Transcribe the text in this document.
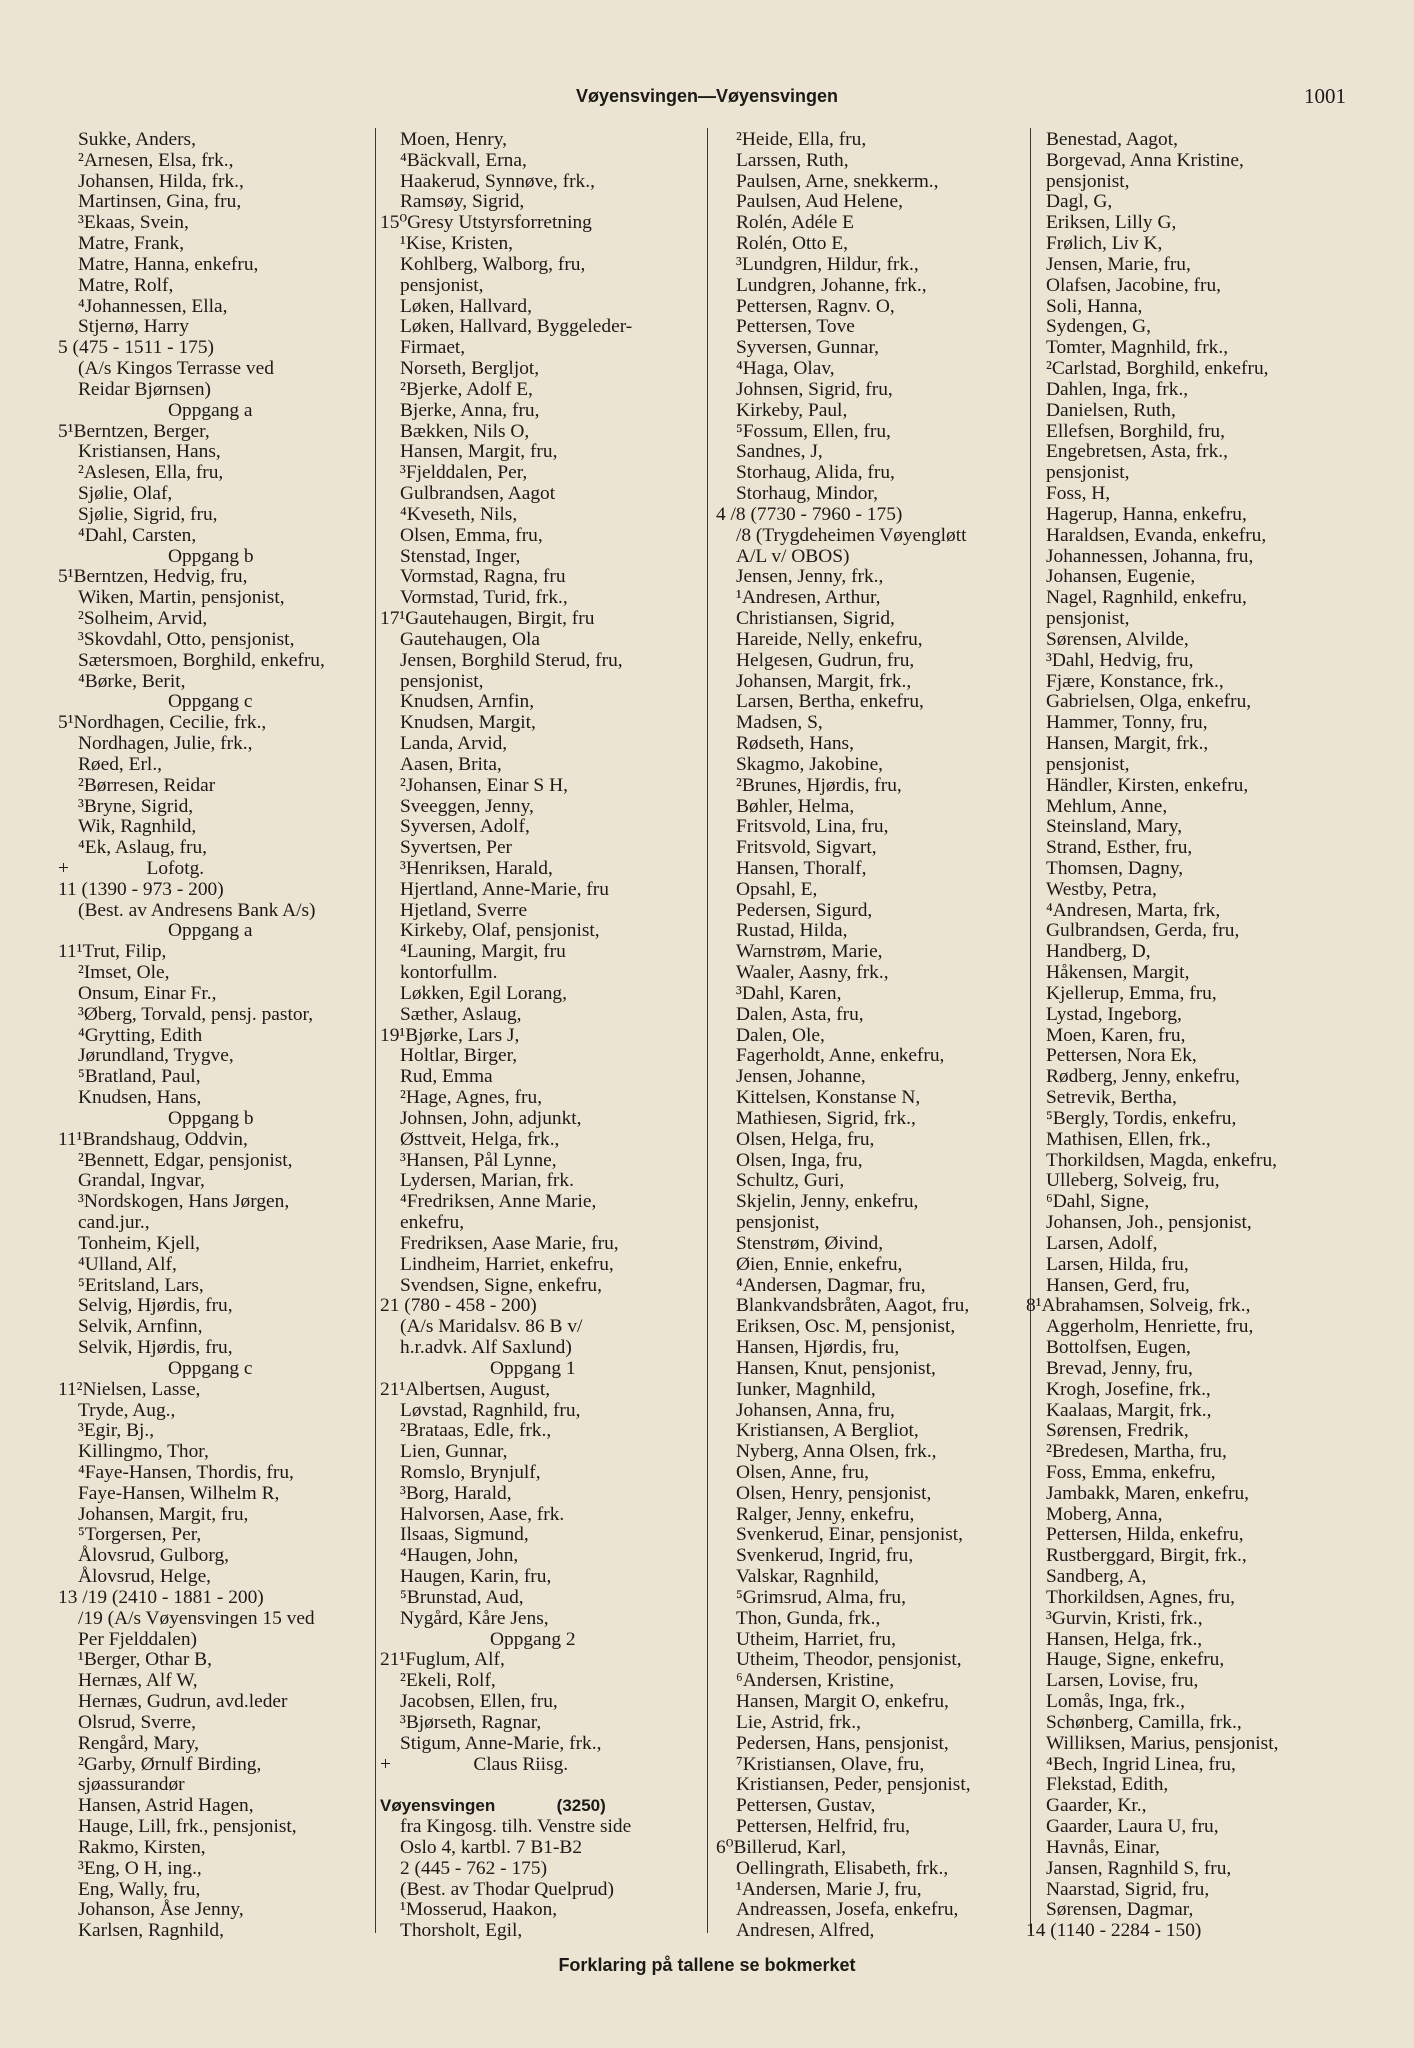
Vøyensvingen—Vøyensvingen	1001
Sukke, Anders,
²Arnesen, Elsa, frk.,
Johansen, Hilda, frk.,
Martinsen, Gina, fru,
³Ekaas, Svein,
Matre, Frank,
Matre, Hanna, enkefru,
Matre, Rolf,
⁴Johannessen, Ella,
Stjernø, Harry
5 (475 - 1511 - 175)
(A/s Kingos Terrasse ved
Reidar Bjørnsen)
Oppgang a
5¹Berntzen, Berger,
Kristiansen, Hans,
²Aslesen, Ella, fru,
Sjølie, Olaf,
Sjølie, Sigrid, fru,
⁴Dahl, Carsten,
Oppgang b
5¹Berntzen, Hedvig, fru,
Wiken, Martin, pensjonist,
²Solheim, Arvid,
³Skovdahl, Otto, pensjonist,
Sætersmoen, Borghild, enkefru,
⁴Børke, Berit,
Oppgang c
5¹Nordhagen, Cecilie, frk.,
Nordhagen, Julie, frk.,
Røed, Erl.,
²Børresen, Reidar
³Bryne, Sigrid,
Wik, Ragnhild,
⁴Ek, Aslaug, fru,
+                Lofotg.
11 (1390 - 973 - 200)
(Best. av Andresens Bank A/s)
Oppgang a
11¹Trut, Filip,
²Imset, Ole,
Onsum, Einar Fr.,
³Øberg, Torvald, pensj. pastor,
⁴Grytting, Edith
Jørundland, Trygve,
⁵Bratland, Paul,
Knudsen, Hans,
Oppgang b
11¹Brandshaug, Oddvin,
²Bennett, Edgar, pensjonist,
Grandal, Ingvar,
³Nordskogen, Hans Jørgen,
cand.jur.,
Tonheim, Kjell,
⁴Ulland, Alf,
⁵Eritsland, Lars,
Selvig, Hjørdis, fru,
Selvik, Arnfinn,
Selvik, Hjørdis, fru,
Oppgang c
11²Nielsen, Lasse,
Tryde, Aug.,
³Egir, Bj.,
Killingmo, Thor,
⁴Faye-Hansen, Thordis, fru,
Faye-Hansen, Wilhelm R,
Johansen, Margit, fru,
⁵Torgersen, Per,
Ålovsrud, Gulborg,
Ålovsrud, Helge,
13 /19 (2410 - 1881 - 200)
/19 (A/s Vøyensvingen 15 ved
Per Fjelddalen)
¹Berger, Othar B,
Hernæs, Alf W,
Hernæs, Gudrun, avd.leder
Olsrud, Sverre,
Rengård, Mary,
²Garby, Ørnulf Birding,
sjøassurandør
Hansen, Astrid Hagen,
Hauge, Lill, frk., pensjonist,
Rakmo, Kirsten,
³Eng, O H, ing.,
Eng, Wally, fru,
Johanson, Åse Jenny,
Karlsen, Ragnhild,
Moen, Henry,
⁴Bäckvall, Erna,
Haakerud, Synnøve, frk.,
Ramsøy, Sigrid,
15⁰Gresy Utstyrsforretning
¹Kise, Kristen,
Kohlberg, Walborg, fru,
pensjonist,
Løken, Hallvard,
Løken, Hallvard, Byggeleder-
Firmaet,
Norseth, Bergljot,
²Bjerke, Adolf E,
Bjerke, Anna, fru,
Bækken, Nils O,
Hansen, Margit, fru,
³Fjelddalen, Per,
Gulbrandsen, Aagot
⁴Kveseth, Nils,
Olsen, Emma, fru,
Stenstad, Inger,
Vormstad, Ragna, fru
Vormstad, Turid, frk.,
17¹Gautehaugen, Birgit, fru
Gautehaugen, Ola
Jensen, Borghild Sterud, fru,
pensjonist,
Knudsen, Arnfin,
Knudsen, Margit,
Landa, Arvid,
Aasen, Brita,
²Johansen, Einar S H,
Sveeggen, Jenny,
Syversen, Adolf,
Syvertsen, Per
³Henriksen, Harald,
Hjertland, Anne-Marie, fru
Hjetland, Sverre
Kirkeby, Olaf, pensjonist,
⁴Launing, Margit, fru
kontorfullm.
Løkken, Egil Lorang,
Sæther, Aslaug,
19¹Bjørke, Lars J,
Holtlar, Birger,
Rud, Emma
²Hage, Agnes, fru,
Johnsen, John, adjunkt,
Østtveit, Helga, frk.,
³Hansen, Pål Lynne,
Lydersen, Marian, frk.
⁴Fredriksen, Anne Marie,
enkefru,
Fredriksen, Aase Marie, fru,
Lindheim, Harriet, enkefru,
Svendsen, Signe, enkefru,
21 (780 - 458 - 200)
(A/s Maridalsv. 86 B v/
h.r.advk. Alf Saxlund)
Oppgang 1
21¹Albertsen, August,
Løvstad, Ragnhild, fru,
²Brataas, Edle, frk.,
Lien, Gunnar,
Romslo, Brynjulf,
³Borg, Harald,
Halvorsen, Aase, frk.
Ilsaas, Sigmund,
⁴Haugen, John,
Haugen, Karin, fru,
⁵Brunstad, Aud,
Nygård, Kåre Jens,
Oppgang 2
21¹Fuglum, Alf,
²Ekeli, Rolf,
Jacobsen, Ellen, fru,
³Bjørseth, Ragnar,
Stigum, Anne-Marie, frk.,
+                 Claus Riisg.
Vøyensvingen             (3250)
fra Kingosg. tilh. Venstre side
Oslo 4, kartbl. 7 B1-B2
2 (445 - 762 - 175)
(Best. av Thodar Quelprud)
¹Mosserud, Haakon,
Thorsholt, Egil,
²Heide, Ella, fru,
Larssen, Ruth,
Paulsen, Arne, snekkerm.,
Paulsen, Aud Helene,
Rolén, Adéle E
Rolén, Otto E,
³Lundgren, Hildur, frk.,
Lundgren, Johanne, frk.,
Pettersen, Ragnv. O,
Pettersen, Tove
Syversen, Gunnar,
⁴Haga, Olav,
Johnsen, Sigrid, fru,
Kirkeby, Paul,
⁵Fossum, Ellen, fru,
Sandnes, J,
Storhaug, Alida, fru,
Storhaug, Mindor,
4 /8 (7730 - 7960 - 175)
/8 (Trygdeheimen Vøyengløtt
A/L v/ OBOS)
Jensen, Jenny, frk.,
¹Andresen, Arthur,
Christiansen, Sigrid,
Hareide, Nelly, enkefru,
Helgesen, Gudrun, fru,
Johansen, Margit, frk.,
Larsen, Bertha, enkefru,
Madsen, S,
Rødseth, Hans,
Skagmo, Jakobine,
²Brunes, Hjørdis, fru,
Bøhler, Helma,
Fritsvold, Lina, fru,
Fritsvold, Sigvart,
Hansen, Thoralf,
Opsahl, E,
Pedersen, Sigurd,
Rustad, Hilda,
Warnstrøm, Marie,
Waaler, Aasny, frk.,
³Dahl, Karen,
Dalen, Asta, fru,
Dalen, Ole,
Fagerholdt, Anne, enkefru,
Jensen, Johanne,
Kittelsen, Konstanse N,
Mathiesen, Sigrid, frk.,
Olsen, Helga, fru,
Olsen, Inga, fru,
Schultz, Guri,
Skjelin, Jenny, enkefru,
pensjonist,
Stenstrøm, Øivind,
Øien, Ennie, enkefru,
⁴Andersen, Dagmar, fru,
Blankvandsbråten, Aagot, fru,
Eriksen, Osc. M, pensjonist,
Hansen, Hjørdis, fru,
Hansen, Knut, pensjonist,
Iunker, Magnhild,
Johansen, Anna, fru,
Kristiansen, A Bergliot,
Nyberg, Anna Olsen, frk.,
Olsen, Anne, fru,
Olsen, Henry, pensjonist,
Ralger, Jenny, enkefru,
Svenkerud, Einar, pensjonist,
Svenkerud, Ingrid, fru,
Valskar, Ragnhild,
⁵Grimsrud, Alma, fru,
Thon, Gunda, frk.,
Utheim, Harriet, fru,
Utheim, Theodor, pensjonist,
⁶Andersen, Kristine,
Hansen, Margit O, enkefru,
Lie, Astrid, frk.,
Pedersen, Hans, pensjonist,
⁷Kristiansen, Olave, fru,
Kristiansen, Peder, pensjonist,
Pettersen, Gustav,
Pettersen, Helfrid, fru,
6⁰Billerud, Karl,
Oellingrath, Elisabeth, frk.,
¹Andersen, Marie J, fru,
Andreassen, Josefa, enkefru,
Andresen, Alfred,
Benestad, Aagot,
Borgevad, Anna Kristine,
pensjonist,
Dagl, G,
Eriksen, Lilly G,
Frølich, Liv K,
Jensen, Marie, fru,
Olafsen, Jacobine, fru,
Soli, Hanna,
Sydengen, G,
Tomter, Magnhild, frk.,
²Carlstad, Borghild, enkefru,
Dahlen, Inga, frk.,
Danielsen, Ruth,
Ellefsen, Borghild, fru,
Engebretsen, Asta, frk.,
pensjonist,
Foss, H,
Hagerup, Hanna, enkefru,
Haraldsen, Evanda, enkefru,
Johannessen, Johanna, fru,
Johansen, Eugenie,
Nagel, Ragnhild, enkefru,
pensjonist,
Sørensen, Alvilde,
³Dahl, Hedvig, fru,
Fjære, Konstance, frk.,
Gabrielsen, Olga, enkefru,
Hammer, Tonny, fru,
Hansen, Margit, frk.,
pensjonist,
Händler, Kirsten, enkefru,
Mehlum, Anne,
Steinsland, Mary,
Strand, Esther, fru,
Thomsen, Dagny,
Westby, Petra,
⁴Andresen, Marta, frk,
Gulbrandsen, Gerda, fru,
Handberg, D,
Håkensen, Margit,
Kjellerup, Emma, fru,
Lystad, Ingeborg,
Moen, Karen, fru,
Pettersen, Nora Ek,
Rødberg, Jenny, enkefru,
Setrevik, Bertha,
⁵Bergly, Tordis, enkefru,
Mathisen, Ellen, frk.,
Thorkildsen, Magda, enkefru,
Ulleberg, Solveig, fru,
⁶Dahl, Signe,
Johansen, Joh., pensjonist,
Larsen, Adolf,
Larsen, Hilda, fru,
Hansen, Gerd, fru,
8¹Abrahamsen, Solveig, frk.,
Aggerholm, Henriette, fru,
Bottolfsen, Eugen,
Brevad, Jenny, fru,
Krogh, Josefine, frk.,
Kaalaas, Margit, frk.,
Sørensen, Fredrik,
²Bredesen, Martha, fru,
Foss, Emma, enkefru,
Jambakk, Maren, enkefru,
Moberg, Anna,
Pettersen, Hilda, enkefru,
Rustberggard, Birgit, frk.,
Sandberg, A,
Thorkildsen, Agnes, fru,
³Gurvin, Kristi, frk.,
Hansen, Helga, frk.,
Hauge, Signe, enkefru,
Larsen, Lovise, fru,
Lomås, Inga, frk.,
Schønberg, Camilla, frk.,
Williksen, Marius, pensjonist,
⁴Bech, Ingrid Linea, fru,
Flekstad, Edith,
Gaarder, Kr.,
Gaarder, Laura U, fru,
Havnås, Einar,
Jansen, Ragnhild S, fru,
Naarstad, Sigrid, fru,
Sørensen, Dagmar,
14 (1140 - 2284 - 150)
Forklaring på tallene se bokmerket
